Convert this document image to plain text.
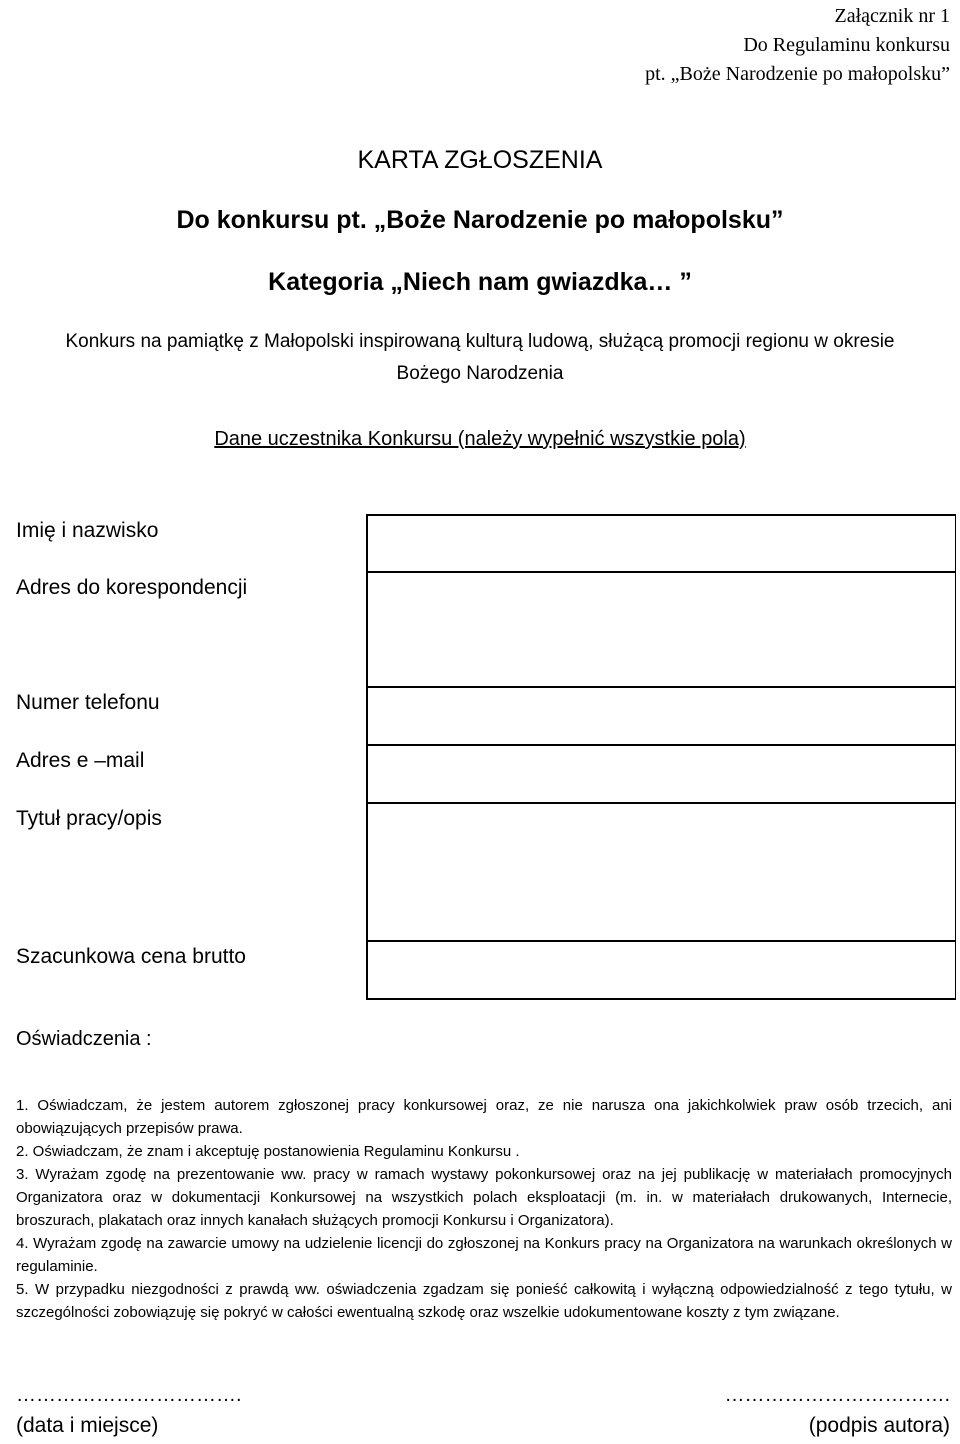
Załącznik nr 1
Do Regulaminu konkursu
pt. „Boże Narodzenie po małopolsku”
KARTA ZGŁOSZENIA
Do konkursu pt. „Boże Narodzenie po małopolsku”
Kategoria „Niech nam gwiazdka… ”
Konkurs na pamiątkę z Małopolski inspirowaną kulturą ludową, służącą promocji regionu w okresie
Bożego Narodzenia
Dane uczestnika Konkursu (należy wypełnić wszystkie pola)
Imię i nazwisko	
Adres do korespondencji	
Numer telefonu	
Adres e –mail	
Tytuł pracy/opis	
Szacunkowa cena brutto	
Oświadczenia :

1. Oświadczam, że jestem autorem zgłoszonej pracy konkursowej oraz, ze nie narusza ona jakichkolwiek praw osób trzecich, ani obowiązujących przepisów prawa.

2. Oświadczam, że znam i akceptuję postanowienia Regulaminu Konkursu .

3. Wyrażam zgodę na prezentowanie ww. pracy w ramach wystawy pokonkursowej oraz na jej publikację w materiałach promocyjnych Organizatora oraz w dokumentacji Konkursowej na wszystkich polach eksploatacji (m. in. w materiałach drukowanych, Internecie, broszurach, plakatach oraz innych kanałach służących promocji Konkursu i Organizatora).

4. Wyrażam zgodę na zawarcie umowy na udzielenie licencji do zgłoszonej na Konkurs pracy na Organizatora na warunkach określonych w regulaminie.

5. W przypadku niezgodności z prawdą ww. oświadczenia zgadzam się ponieść całkowitą i wyłączną odpowiedzialność z tego tytułu, w szczególności zobowiązuję się pokryć w całości ewentualną szkodę oraz wszelkie udokumentowane koszty z tym związane.

…………………………….	…………………………….
(data i miejsce)	(podpis autora)
